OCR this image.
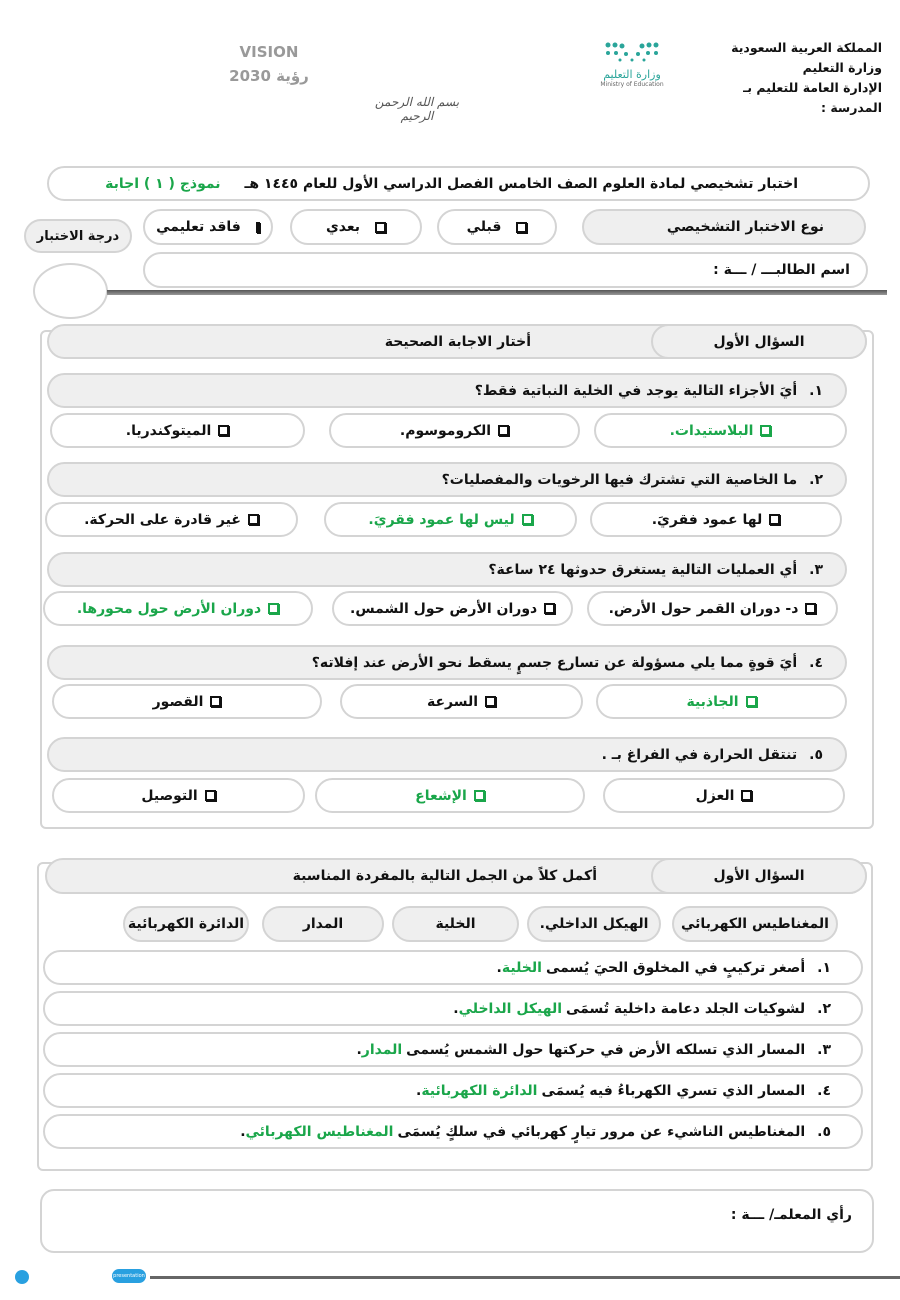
المملكة العربية السعودية
وزارة التعليم
الإدارة العامة للتعليم بـ
المدرسة :
وزارة التعليم
Ministry of Education
VISION رؤية 2030
بسم الله الرحمن الرحيم
اختبار تشخيصي لمادة العلوم الصف الخامس الفصل الدراسي الأول للعام ١٤٤٥ هـ
نموذج ( ١ ) اجابة
نوع الاختبار التشخيصي
قبلي
بعدي
فاقد تعليمي
درجة الاختبار
اسم الطالبـــ / ـــة :
السؤال الأول
أختار الاجابة الصحيحة
١.
أيَ الأجزاء التالية يوجد في الخلية النباتية فقط؟
البلاستيدات.
الكروموسوم.
الميتوكندريا.
٢.
ما الخاصية التي تشترك فيها الرخويات والمفصليات؟
لها عمود فقريَ.
ليس لها عمود فقريَ.
غير قادرة على الحركة.
٣.
أي العمليات التالية يستغرق حدوثها ٢٤ ساعة؟
د- دوران القمر حول الأرض.
دوران الأرض حول الشمس.
دوران الأرض حول محورها.
٤.
أيَ قوةٍ مما يلي مسؤولة عن تسارع جسمٍ يسقط نحو الأرض عند إفلاته؟
الجاذبية
السرعة
القصور
٥.
تنتقل الحرارة في الفراغ بـ .
العزل
الإشعاع
التوصيل
السؤال الأول
أكمل كلاً من الجمل التالية بالمفردة المناسبة
المغناطيس الكهربائي
الهيكل الداخلي.
الخلية
المدار
الدائرة الكهربائية
١.
أصغر تركيبٍ في المخلوق الحيَ يُسمى
الخلية
.
٢.
لشوكيات الجلد دعامة داخلية تُسمَى
الهيكل الداخلي
.
٣.
المسار الذي تسلكه الأرض في حركتها حول الشمس يُسمى
المدار
.
٤.
المسار الذي تسري الكهرباءُ فيه يُسمَى
الدائرة الكهربائية
.
٥.
المغناطيس الناشيء عن مرور تيارٍ كهربائي في سلكٍ يُسمَى
المغناطيس الكهربائي
.
رأي المعلمـ/ ـــة :
presentation
